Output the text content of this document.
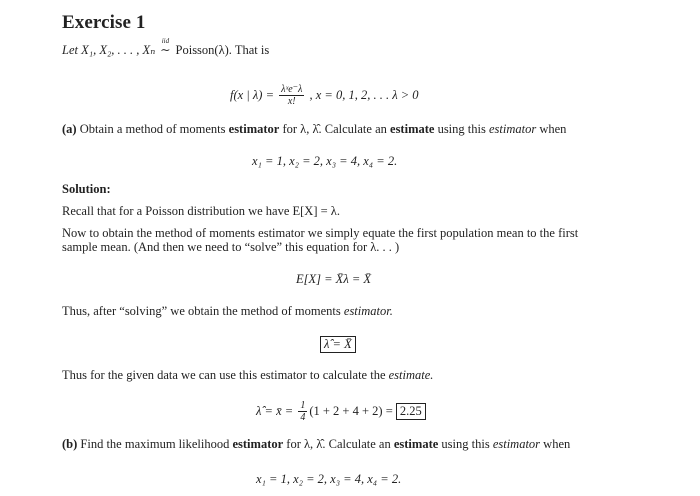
Exercise 1
Let X₁, X₂, . . . , Xₙ
iid
∼ Poisson(λ). That is
f(x | $\lambda) = \frac{\text{λˣe⁻λ}}{x!}$ , x = 0, 1, 2, . . . λ > 0
(a) Obtain a method of moments estimator for λ, λ̂. Calculate an estimate using this estimator when
x₁ = 1, x₂ = 2, x₃ = 4, x₄ = 2.
Solution:
Recall that for a Poisson distribution we have E[X] = λ.
Now to obtain the method of moments estimator we simply equate the first population mean to the first
sample mean. (And then we need to “solve” this equation for λ. . . )
E[X] = X̄λ = X̄
Thus, after “solving” we obtain the method of moments estimator.
λ̂ = X̄
Thus for the given data we can use this estimator to calculate the estimate.
λ̂ = x̄ = $\frac{1}{4} (1 + 2 + 4 + 2) = 2.25$
(b) Find the maximum likelihood estimator for λ, λ̂. Calculate an estimate using this estimator when
x₁ = 1, x₂ = 2, x₃ = 4, x₄ = 2.
